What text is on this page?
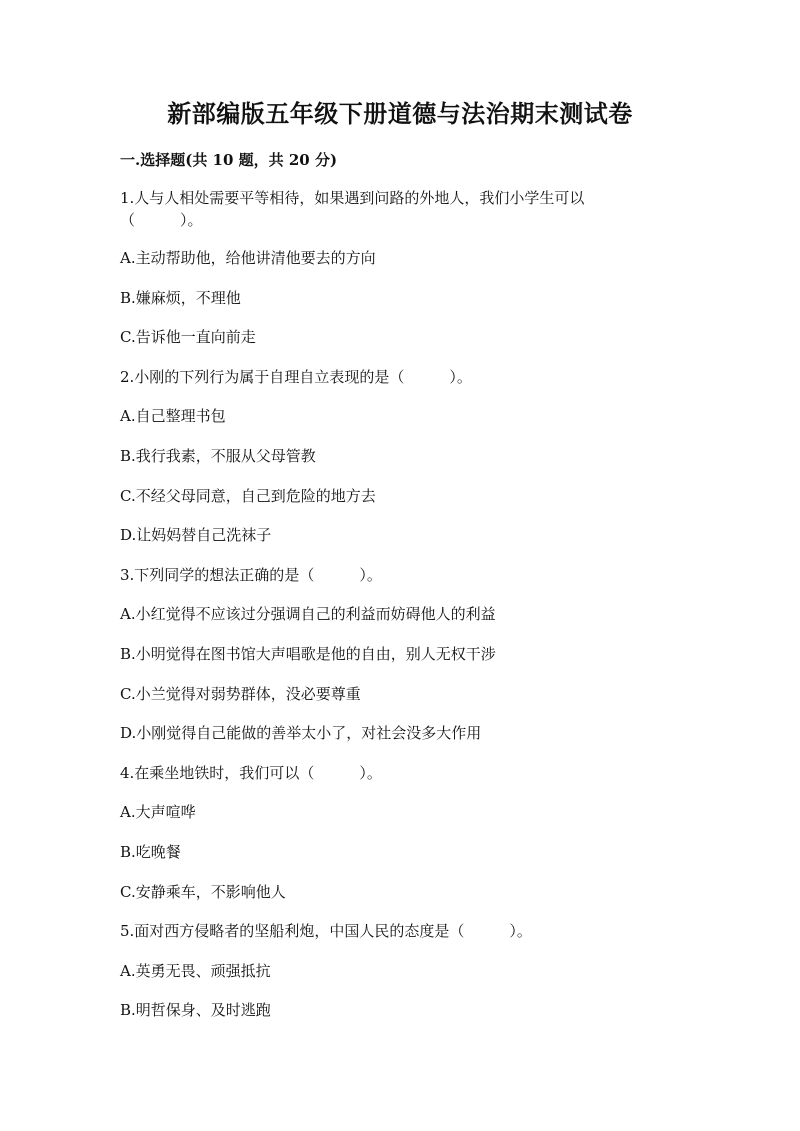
新部编版五年级下册道德与法治期末测试卷
一.选择题(共 10 题，共 20 分)
1.人与人相处需要平等相待，如果遇到问路的外地人，我们小学生可以
（　　　）。
A.主动帮助他，给他讲清他要去的方向
B.嫌麻烦，不理他
C.告诉他一直向前走
2.小刚的下列行为属于自理自立表现的是（　　　）。
A.自己整理书包
B.我行我素，不服从父母管教
C.不经父母同意，自己到危险的地方去
D.让妈妈替自己洗袜子
3.下列同学的想法正确的是（　　　）。
A.小红觉得不应该过分强调自己的利益而妨碍他人的利益
B.小明觉得在图书馆大声唱歌是他的自由，别人无权干涉
C.小兰觉得对弱势群体，没必要尊重
D.小刚觉得自己能做的善举太小了，对社会没多大作用
4.在乘坐地铁时，我们可以（　　　）。
A.大声喧哗
B.吃晚餐
C.安静乘车，不影响他人
5.面对西方侵略者的坚船利炮，中国人民的态度是（　　　）。
A.英勇无畏、顽强抵抗
B.明哲保身、及时逃跑
